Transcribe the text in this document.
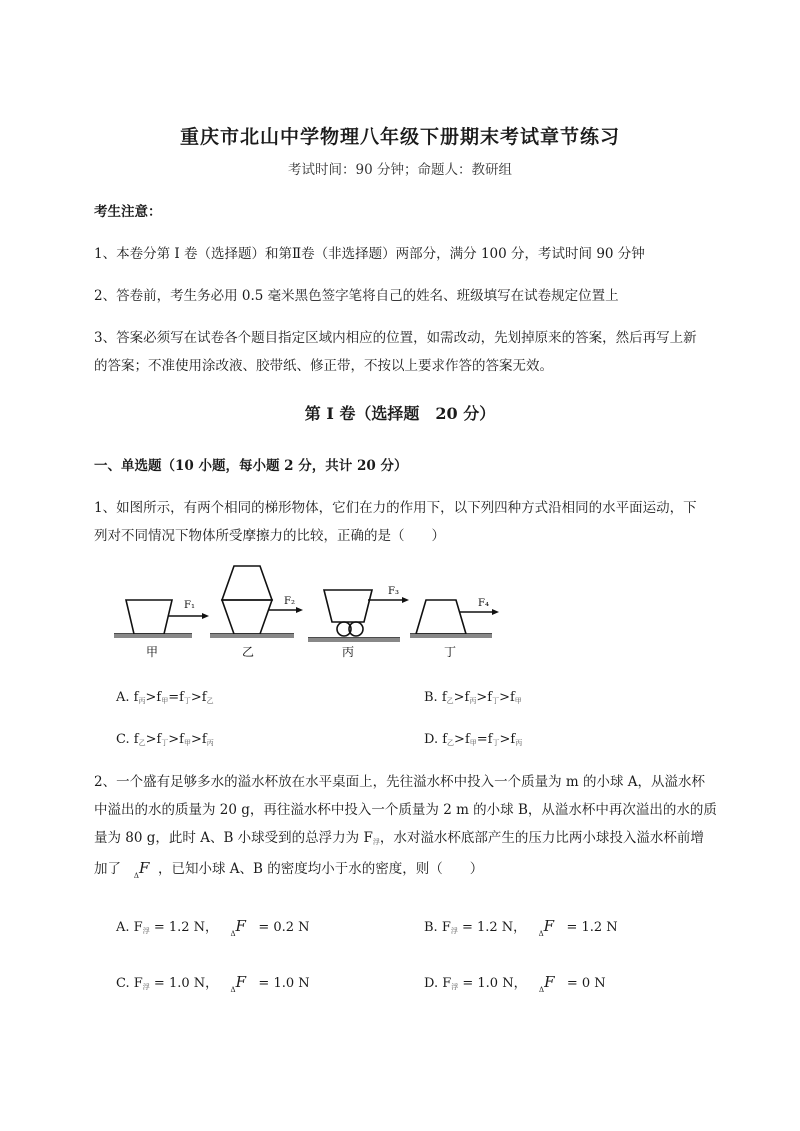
重庆市北山中学物理八年级下册期末考试章节练习
考试时间：90 分钟；命题人：教研组
考生注意：
1、本卷分第 I 卷（选择题）和第Ⅱ卷（非选择题）两部分，满分 100 分，考试时间 90 分钟
2、答卷前，考生务必用 0.5 毫米黑色签字笔将自己的姓名、班级填写在试卷规定位置上
3、答案必须写在试卷各个题目指定区域内相应的位置，如需改动，先划掉原来的答案，然后再写上新
的答案；不准使用涂改液、胶带纸、修正带，不按以上要求作答的答案无效。
第 I 卷（选择题　20 分）
一、单选题（10 小题，每小题 2 分，共计 20 分）
1、如图所示，有两个相同的梯形物体，它们在力的作用下，以下列四种方式沿相同的水平面运动，下
列对不同情况下物体所受摩擦力的比较，正确的是（　　）
F₁	F₂
F₃
F₄
甲	乙	丙	丁
A. $f_丙>f_甲=f_丁>f_乙$	B. $f_乙>f_丙>f_丁>f_甲$
C. $f_乙>f_丁>f_甲>f_丙$	D. $f_乙>f_甲=f_丁>f_丙$
2、一个盛有足够多水的溢水杯放在水平桌面上，先往溢水杯中投入一个质量为 m 的小球 A，从溢水杯
中溢出的水的质量为 20 g，再往溢水杯中投入一个质量为 2 m 的小球 B，从溢水杯中再次溢出的水的质
量为 80 g，此时 A、B 小球受到的总浮力为 $F_浮$，水对溢水杯底部产生的压力比两小球投入溢水杯前增
加了 $_\Delta$F ，已知小球 A、B 的密度均小于水的密度，则（　　）
A. $F_浮 = 1.2$ N， $_\Delta$F   = 0.2 N	B. $F_浮 = 1.2$ N， $_\Delta$F   = 1.2 N
C. $F_浮 = 1.0$ N， $_\Delta$F   = 1.0 N	D. $F_浮 = 1.0$ N， $_\Delta$F   = 0 N
